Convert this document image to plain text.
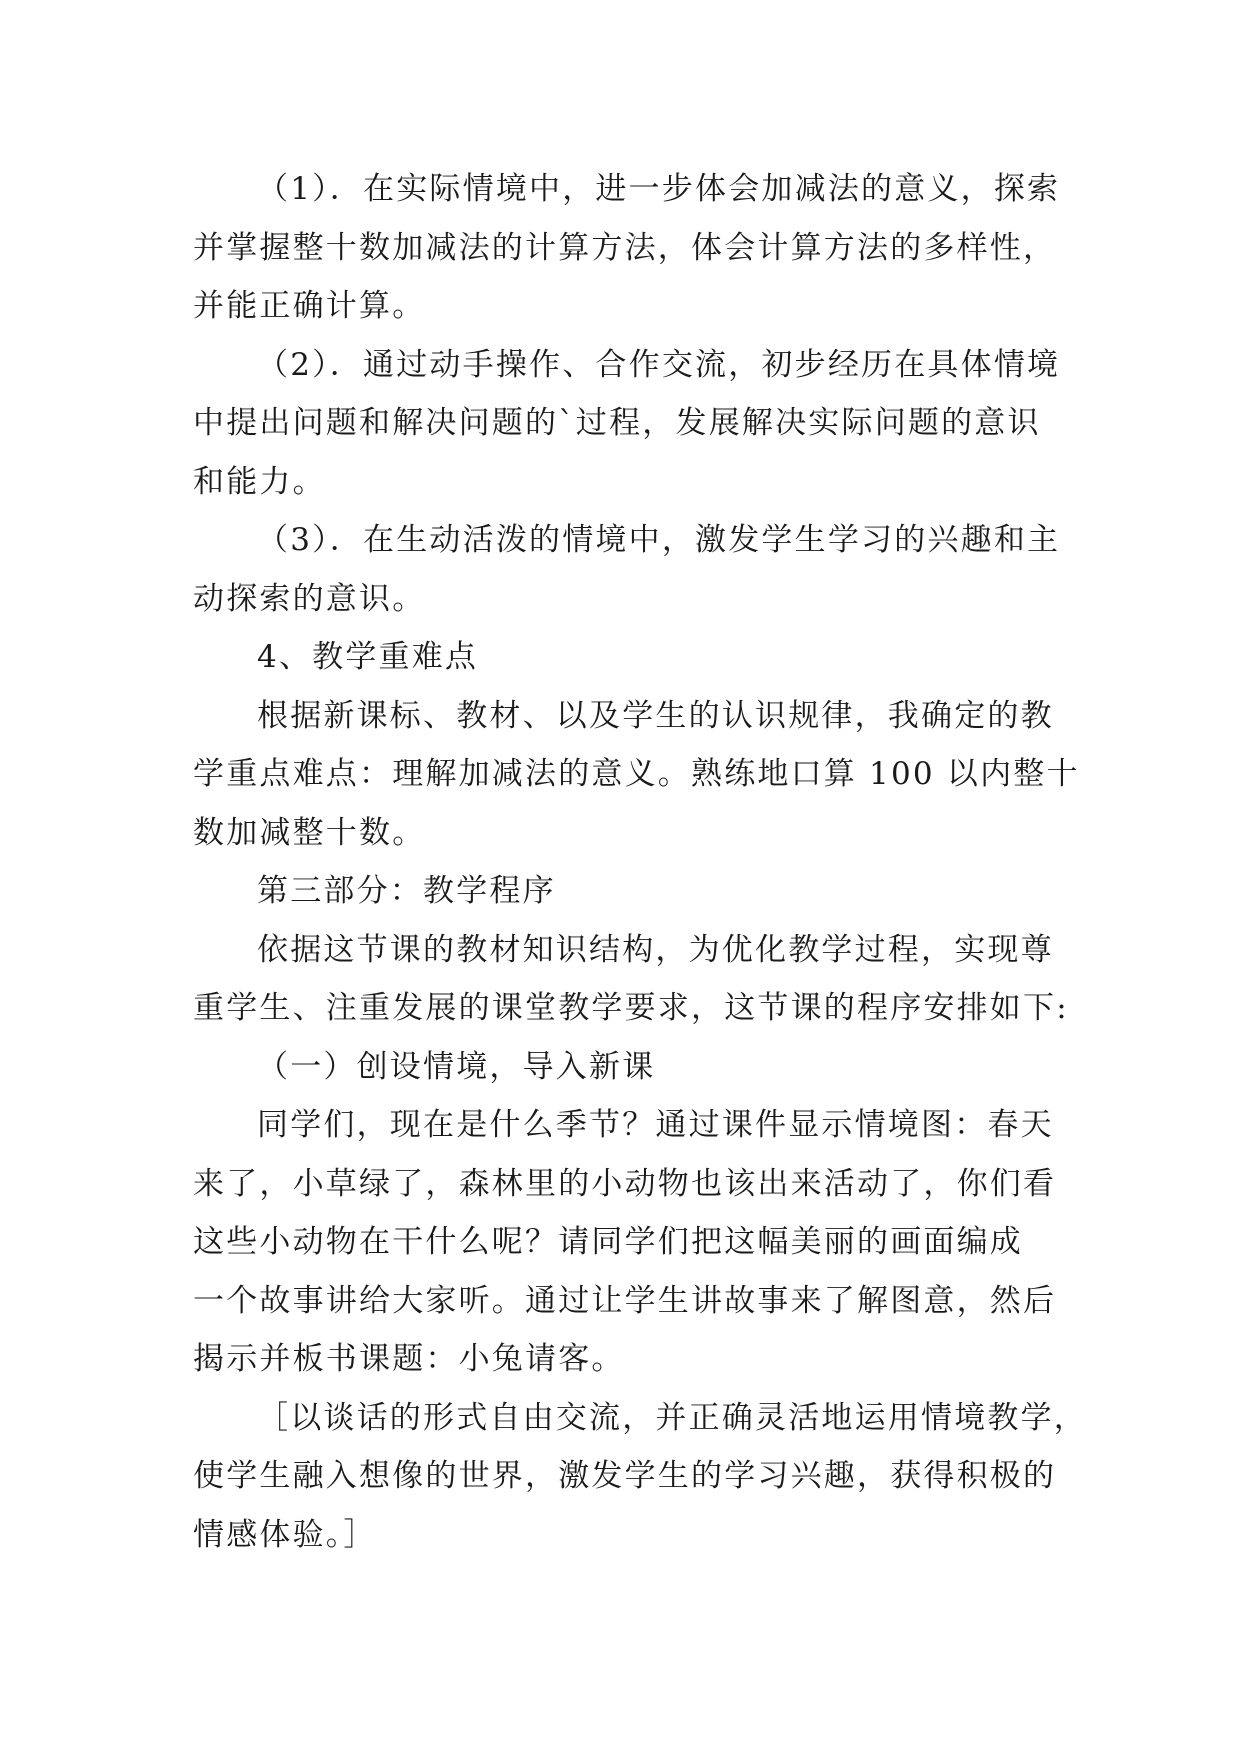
（1）．在实际情境中，进一步体会加减法的意义，探索
并掌握整十数加减法的计算方法，体会计算方法的多样性，
并能正确计算。
（2）．通过动手操作、合作交流，初步经历在具体情境
中提出问题和解决问题的`过程，发展解决实际问题的意识
和能力。
（3）．在生动活泼的情境中，激发学生学习的兴趣和主
动探索的意识。
4、教学重难点
根据新课标、教材、以及学生的认识规律，我确定的教
学重点难点：理解加减法的意义。熟练地口算 100 以内整十
数加减整十数。
第三部分：教学程序
依据这节课的教材知识结构，为优化教学过程，实现尊
重学生、注重发展的课堂教学要求，这节课的程序安排如下:
（一）创设情境，导入新课
同学们，现在是什么季节？通过课件显示情境图：春天
来了，小草绿了，森林里的小动物也该出来活动了，你们看
这些小动物在干什么呢？请同学们把这幅美丽的画面编成
一个故事讲给大家听。通过让学生讲故事来了解图意，然后
揭示并板书课题：小兔请客。
［以谈话的形式自由交流，并正确灵活地运用情境教学，
使学生融入想像的世界，激发学生的学习兴趣，获得积极的
情感体验。］
